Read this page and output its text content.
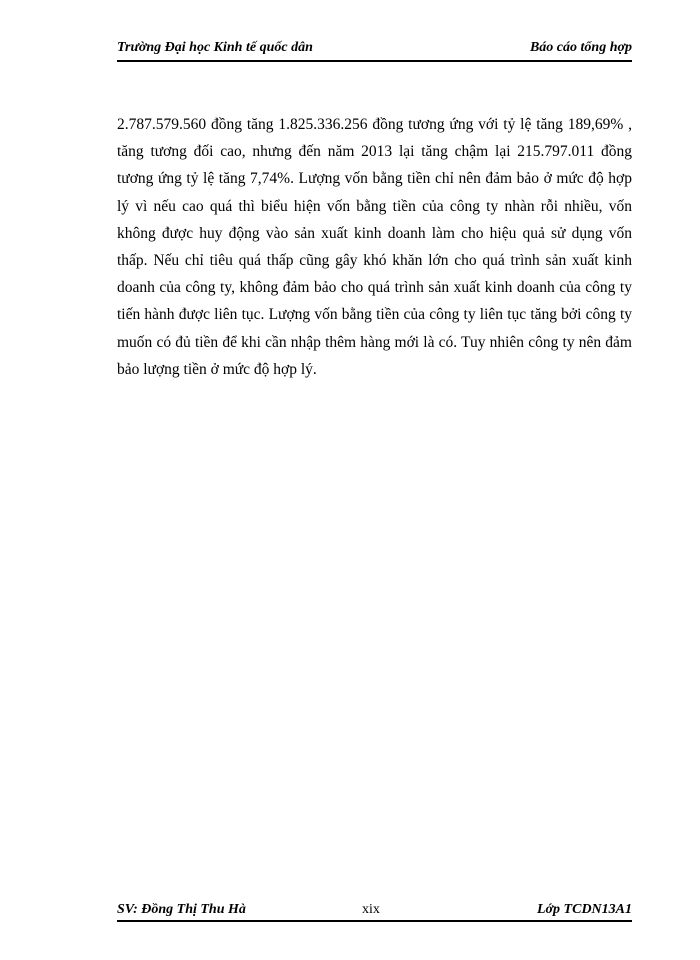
Trường Đại học Kinh tế quốc dân	Báo cáo tổng hợp

2.787.579.560 đồng tăng 1.825.336.256 đồng tương ứng với tỷ lệ tăng 189,69% , tăng tương đối cao, nhưng đến năm 2013 lại tăng chậm lại 215.797.011 đồng tương ứng tỷ lệ tăng 7,74%. Lượng vốn bằng tiền chỉ nên đảm bảo ở mức độ hợp lý vì nếu cao quá thì biểu hiện vốn bằng tiền của công ty nhàn rỗi nhiều, vốn không được huy động vào sản xuất kinh doanh làm cho hiệu quả sử dụng vốn thấp. Nếu chỉ tiêu quá thấp cũng gây khó khăn lớn cho quá trình sản xuất kinh doanh của công ty, không đảm bảo cho quá trình sản xuất kinh doanh của công ty tiến hành được liên tục. Lượng vốn bằng tiền của công ty liên tục tăng bởi công ty muốn có đủ tiền để khi cần nhập thêm hàng mới là có. Tuy nhiên công ty nên đảm bảo lượng tiền ở mức độ hợp lý.

SV: Đồng Thị Thu Hà	xix	Lớp TCDN13A1
